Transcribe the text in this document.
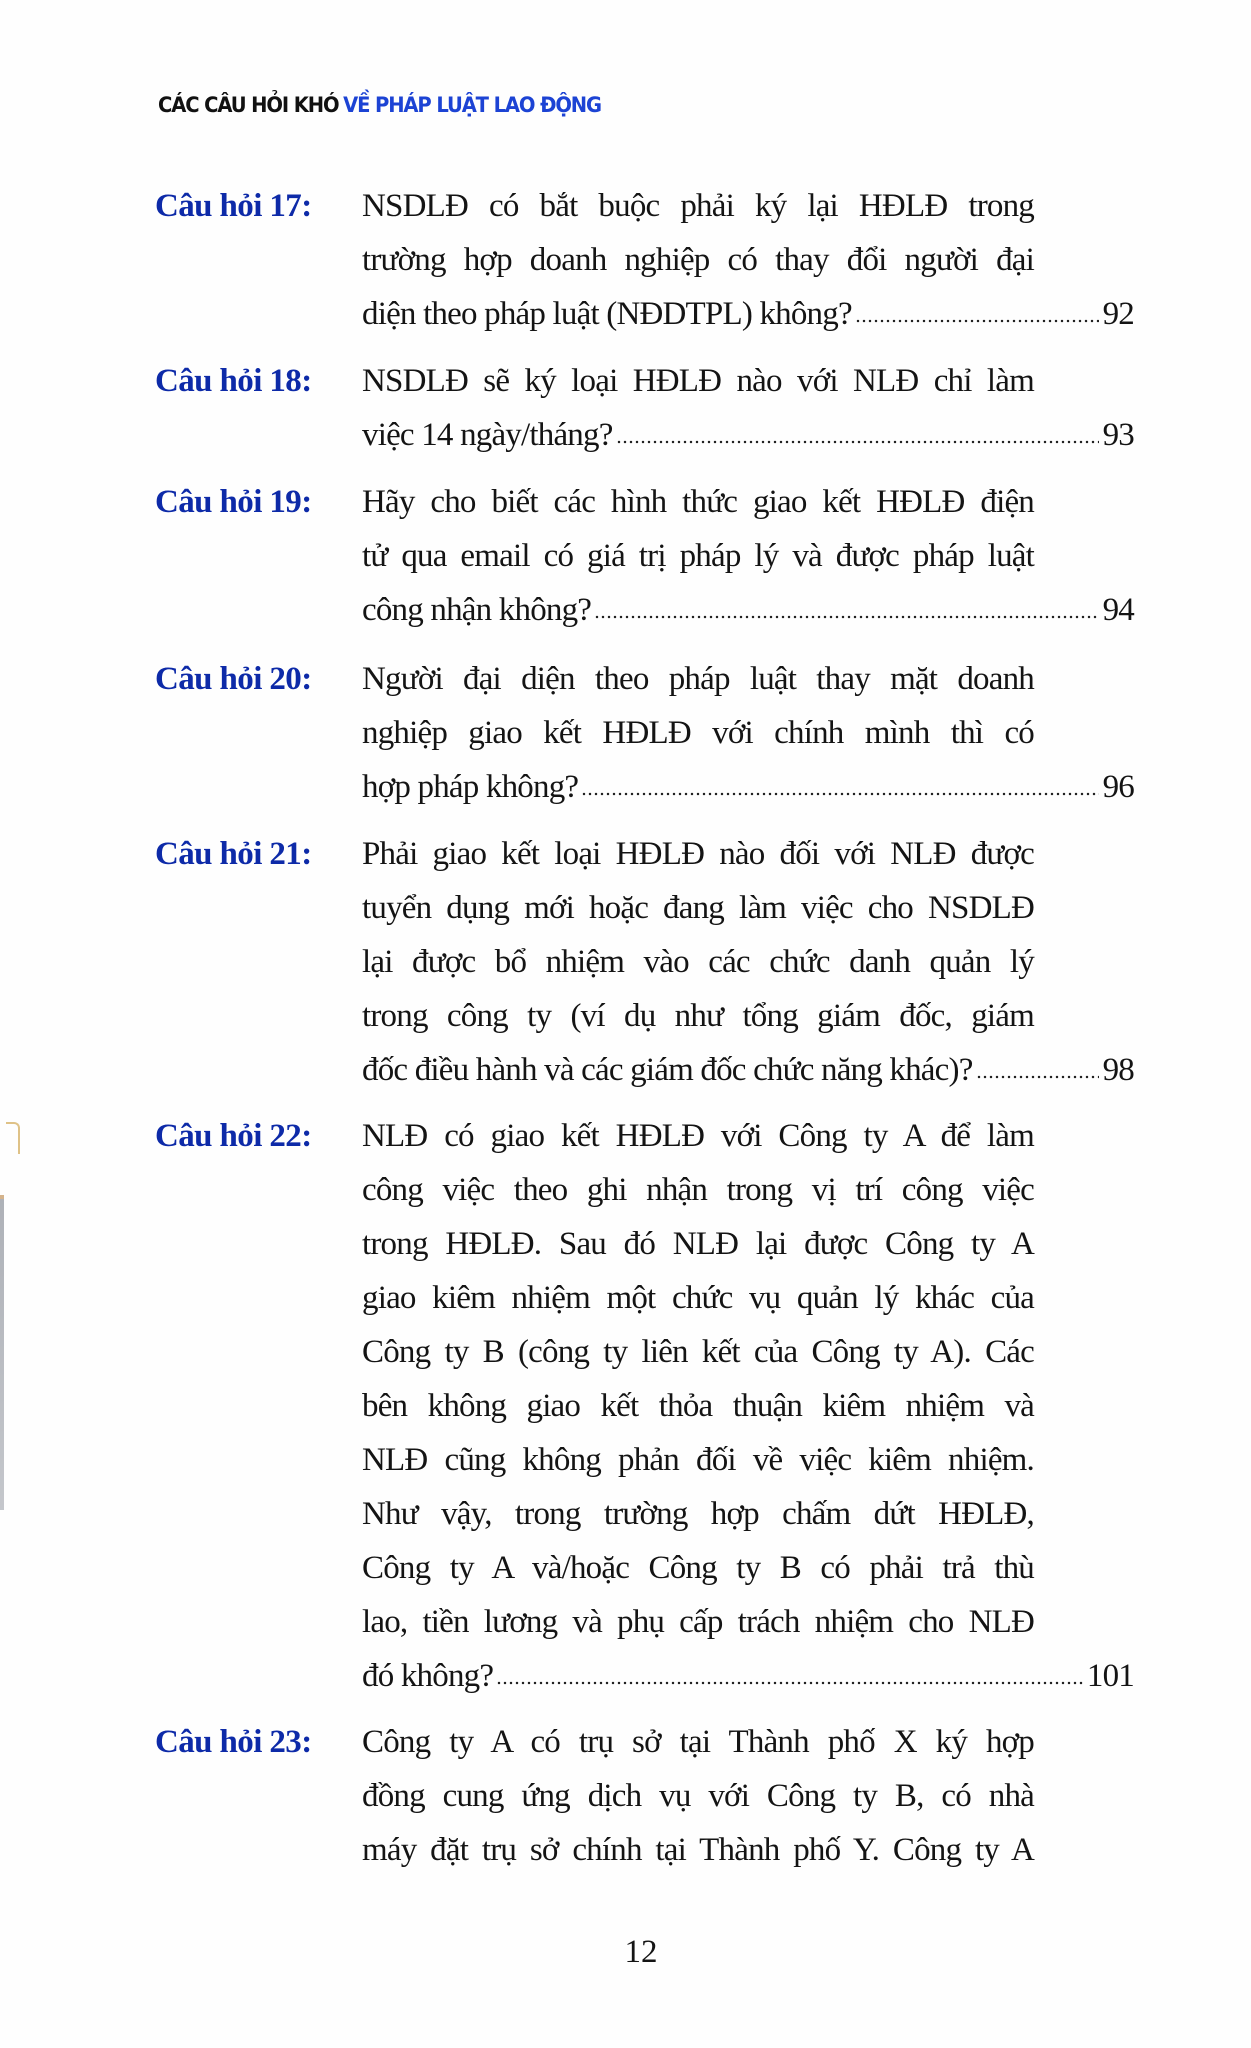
CÁC CÂU HỎI KHÓ VỀ PHÁP LUẬT LAO ĐỘNG
Câu hỏi 17: NSDLĐ có bắt buộc phải ký lại HĐLĐ trong
trường hợp doanh nghiệp có thay đổi người đại
diện theo pháp luật (NĐDTPL) không?	92
Câu hỏi 18: NSDLĐ sẽ ký loại HĐLĐ nào với NLĐ chỉ làm
việc 14 ngày/tháng?	93
Câu hỏi 19: Hãy cho biết các hình thức giao kết HĐLĐ điện
tử qua email có giá trị pháp lý và được pháp luật
công nhận không?	94
Câu hỏi 20: Người đại diện theo pháp luật thay mặt doanh
nghiệp giao kết HĐLĐ với chính mình thì có
hợp pháp không?	96
Câu hỏi 21: Phải giao kết loại HĐLĐ nào đối với NLĐ được
tuyển dụng mới hoặc đang làm việc cho NSDLĐ
lại được bổ nhiệm vào các chức danh quản lý
trong công ty (ví dụ như tổng giám đốc, giám
đốc điều hành và các giám đốc chức năng khác)?	98
Câu hỏi 22: NLĐ có giao kết HĐLĐ với Công ty A để làm
công việc theo ghi nhận trong vị trí công việc
trong HĐLĐ. Sau đó NLĐ lại được Công ty A
giao kiêm nhiệm một chức vụ quản lý khác của
Công ty B (công ty liên kết của Công ty A). Các
bên không giao kết thỏa thuận kiêm nhiệm và
NLĐ cũng không phản đối về việc kiêm nhiệm.
Như vậy, trong trường hợp chấm dứt HĐLĐ,
Công ty A và/hoặc Công ty B có phải trả thù
lao, tiền lương và phụ cấp trách nhiệm cho NLĐ
đó không?	101
Câu hỏi 23: Công ty A có trụ sở tại Thành phố X ký hợp
đồng cung ứng dịch vụ với Công ty B, có nhà
máy đặt trụ sở chính tại Thành phố Y. Công ty A
12
